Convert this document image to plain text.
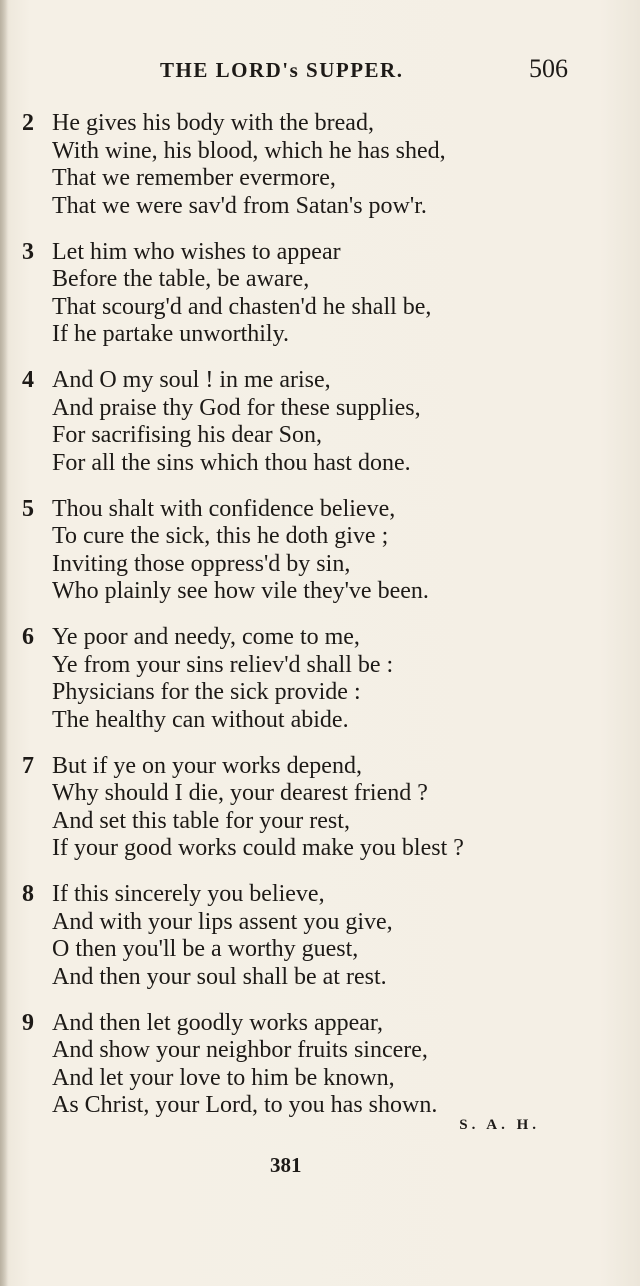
THE LORD's SUPPER.	506
2 He gives his body with the bread,
With wine, his blood, which he has shed,
That we remember evermore,
That we were sav'd from Satan's pow'r.
3 Let him who wishes to appear
Before the table, be aware,
That scourg'd and chasten'd he shall be,
If he partake unworthily.
4 And O my soul ! in me arise,
And praise thy God for these supplies,
For sacrifising his dear Son,
For all the sins which thou hast done.
5 Thou shalt with confidence believe,
To cure the sick, this he doth give ;
Inviting those oppress'd by sin,
Who plainly see how vile they've been.
6 Ye poor and needy, come to me,
Ye from your sins reliev'd shall be :
Physicians for the sick provide :
The healthy can without abide.
7 But if ye on your works depend,
Why should I die, your dearest friend ?
And set this table for your rest,
If your good works could make you blest ?
8 If this sincerely you believe,
And with your lips assent you give,
O then you'll be a worthy guest,
And then your soul shall be at rest.
9 And then let goodly works appear,
And show your neighbor fruits sincere,
And let your love to him be known,
As Christ, your Lord, to you has shown.
S. A. H.
381
